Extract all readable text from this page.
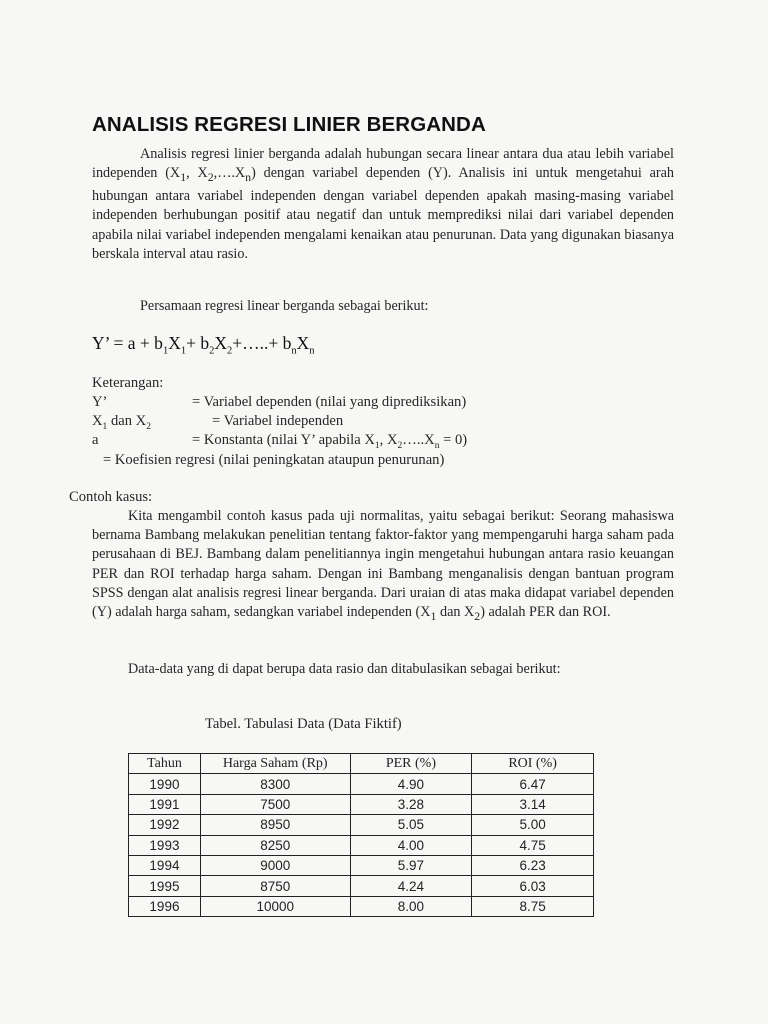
ANALISIS REGRESI LINIER BERGANDA
Analisis regresi linier berganda adalah hubungan secara linear antara dua atau lebih variabel independen ($X_1$, $X_2,\dots.X_n$) dengan variabel dependen (Y). Analisis ini untuk mengetahui arah hubungan antara variabel independen dengan variabel dependen apakah masing-masing variabel independen berhubungan positif atau negatif dan untuk memprediksi nilai dari variabel dependen apabila nilai variabel independen mengalami kenaikan atau penurunan. Data yang digunakan biasanya berskala interval atau rasio.
Persamaan regresi linear berganda sebagai berikut:
Y’ = $a + b_1X_1+$ $b_2X_2+\dots..+ b_nX_n$
Keterangan:
Y’	= Variabel dependen (nilai yang diprediksikan)
$X_1$ dan $X_2$	= Variabel independen
a	= Konstanta (nilai Y’ apabila $X_1$, $X_2\dots..X_n = 0$)
= Koefisien regresi (nilai peningkatan ataupun penurunan)
Contoh kasus:
Kita mengambil contoh kasus pada uji normalitas, yaitu sebagai berikut: Seorang mahasiswa bernama Bambang melakukan penelitian tentang faktor-faktor yang mempengaruhi harga saham pada perusahaan di BEJ. Bambang dalam penelitiannya ingin mengetahui hubungan antara rasio keuangan PER dan ROI terhadap harga saham. Dengan ini Bambang menganalisis dengan bantuan program SPSS dengan alat analisis regresi linear berganda. Dari uraian di atas maka didapat variabel dependen (Y) adalah harga saham, sedangkan variabel independen ($X_1$ dan $X_2$) adalah PER dan ROI.
Data-data yang di dapat berupa data rasio dan ditabulasikan sebagai berikut:
Tabel. Tabulasi Data (Data Fiktif)
Tahun	Harga Saham (Rp)	PER (%)	ROI (%)
1990	8300	4.90	6.47
1991	7500	3.28	3.14
1992	8950	5.05	5.00
1993	8250	4.00	4.75
1994	9000	5.97	6.23
1995	8750	4.24	6.03
1996	10000	8.00	8.75
